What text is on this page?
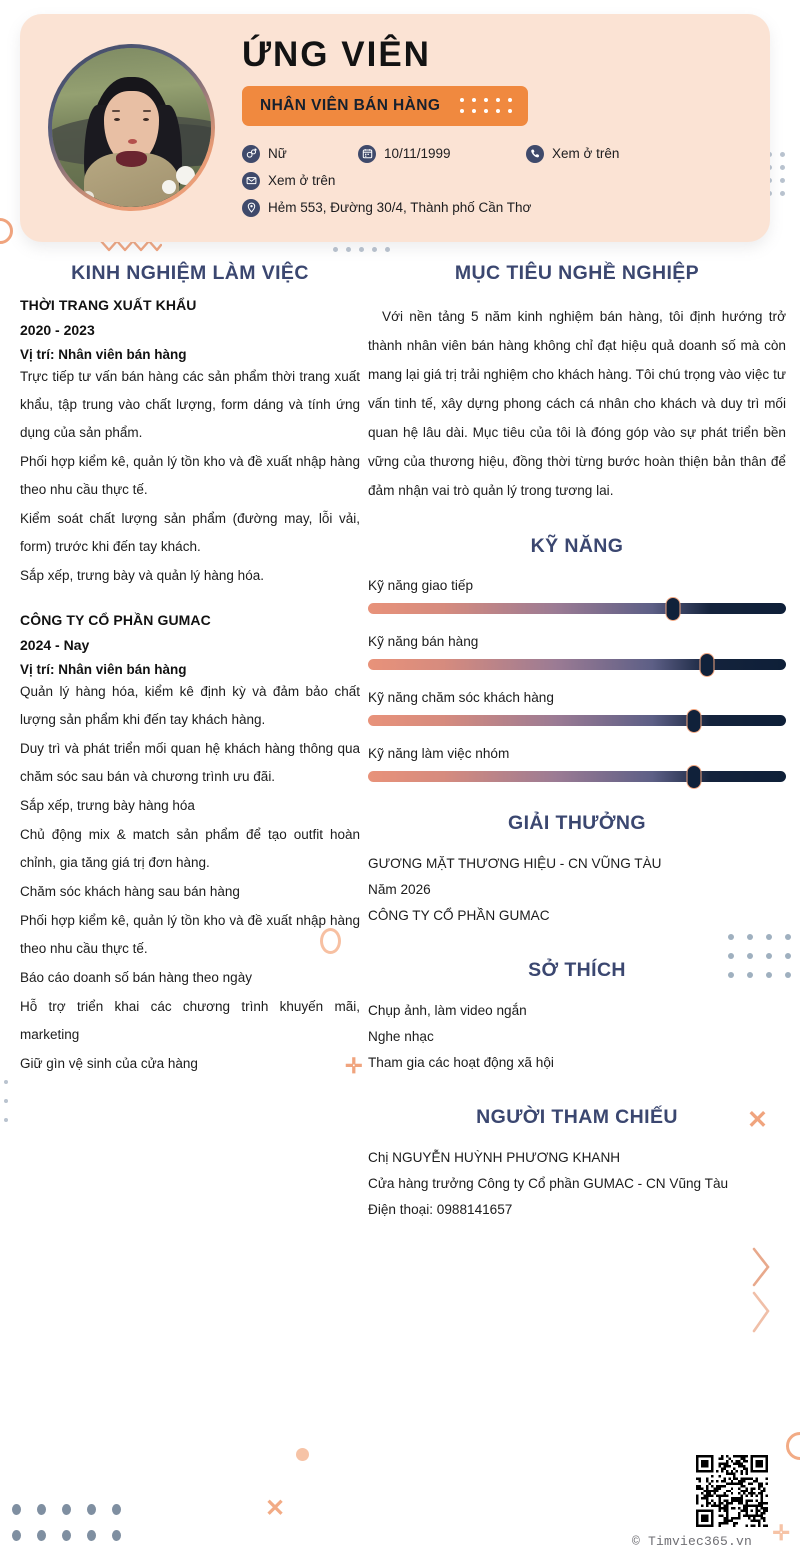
✛
✛
✕
✕
ỨNG VIÊN
NHÂN VIÊN BÁN HÀNG
Nữ	10/11/1999	Xem ở trên
Xem ở trên
Hẻm 553, Đường 30/4, Thành phố Cần Thơ
KINH NGHIỆM LÀM VIỆC
THỜI TRANG XUẤT KHẨU
2020 - 2023
Vị trí: Nhân viên bán hàng
Trực tiếp tư vấn bán hàng các sản phẩm thời trang xuất khẩu, tập trung vào chất lượng, form dáng và tính ứng dụng của sản phẩm.
Phối hợp kiểm kê, quản lý tồn kho và đề xuất nhập hàng theo nhu cầu thực tế.
Kiểm soát chất lượng sản phẩm (đường may, lỗi vải, form) trước khi đến tay khách.
Sắp xếp, trưng bày và quản lý hàng hóa.
CÔNG TY CỔ PHẦN GUMAC
2024 - Nay
Vị trí: Nhân viên bán hàng
Quản lý hàng hóa, kiểm kê định kỳ và đảm bảo chất lượng sản phẩm khi đến tay khách hàng.
Duy trì và phát triển mối quan hệ khách hàng thông qua chăm sóc sau bán và chương trình ưu đãi.
Sắp xếp, trưng bày hàng hóa
Chủ động mix & match sản phẩm để tạo outfit hoàn chỉnh, gia tăng giá trị đơn hàng.
Chăm sóc khách hàng sau bán hàng
Phối hợp kiểm kê, quản lý tồn kho và đề xuất nhập hàng theo nhu cầu thực tế.
Báo cáo doanh số bán hàng theo ngày
Hỗ trợ triển khai các chương trình khuyến mãi, marketing
Giữ gìn vệ sinh của cửa hàng
MỤC TIÊU NGHỀ NGHIỆP
Với nền tảng 5 năm kinh nghiệm bán hàng, tôi định hướng trở thành nhân viên bán hàng không chỉ đạt hiệu quả doanh số mà còn mang lại giá trị trải nghiệm cho khách hàng. Tôi chú trọng vào việc tư vấn tinh tế, xây dựng phong cách cá nhân cho khách và duy trì mối quan hệ lâu dài. Mục tiêu của tôi là đóng góp vào sự phát triển bền vững của thương hiệu, đồng thời từng bước hoàn thiện bản thân để đảm nhận vai trò quản lý trong tương lai.
KỸ NĂNG
Kỹ năng giao tiếp
Kỹ năng bán hàng
Kỹ năng chăm sóc khách hàng
Kỹ năng làm việc nhóm
GIẢI THƯỞNG
GƯƠNG MẶT THƯƠNG HIỆU - CN VŨNG TÀU
Năm 2026
CÔNG TY CỔ PHẦN GUMAC
SỞ THÍCH
Chụp ảnh, làm video ngắn
Nghe nhạc
Tham gia các hoạt động xã hội
NGƯỜI THAM CHIẾU
Chị NGUYỄN HUỲNH PHƯƠNG KHANH
Cửa hàng trưởng Công ty Cổ phần GUMAC - CN Vũng Tàu
Điện thoại: 0988141657
© Timviec365.vn
